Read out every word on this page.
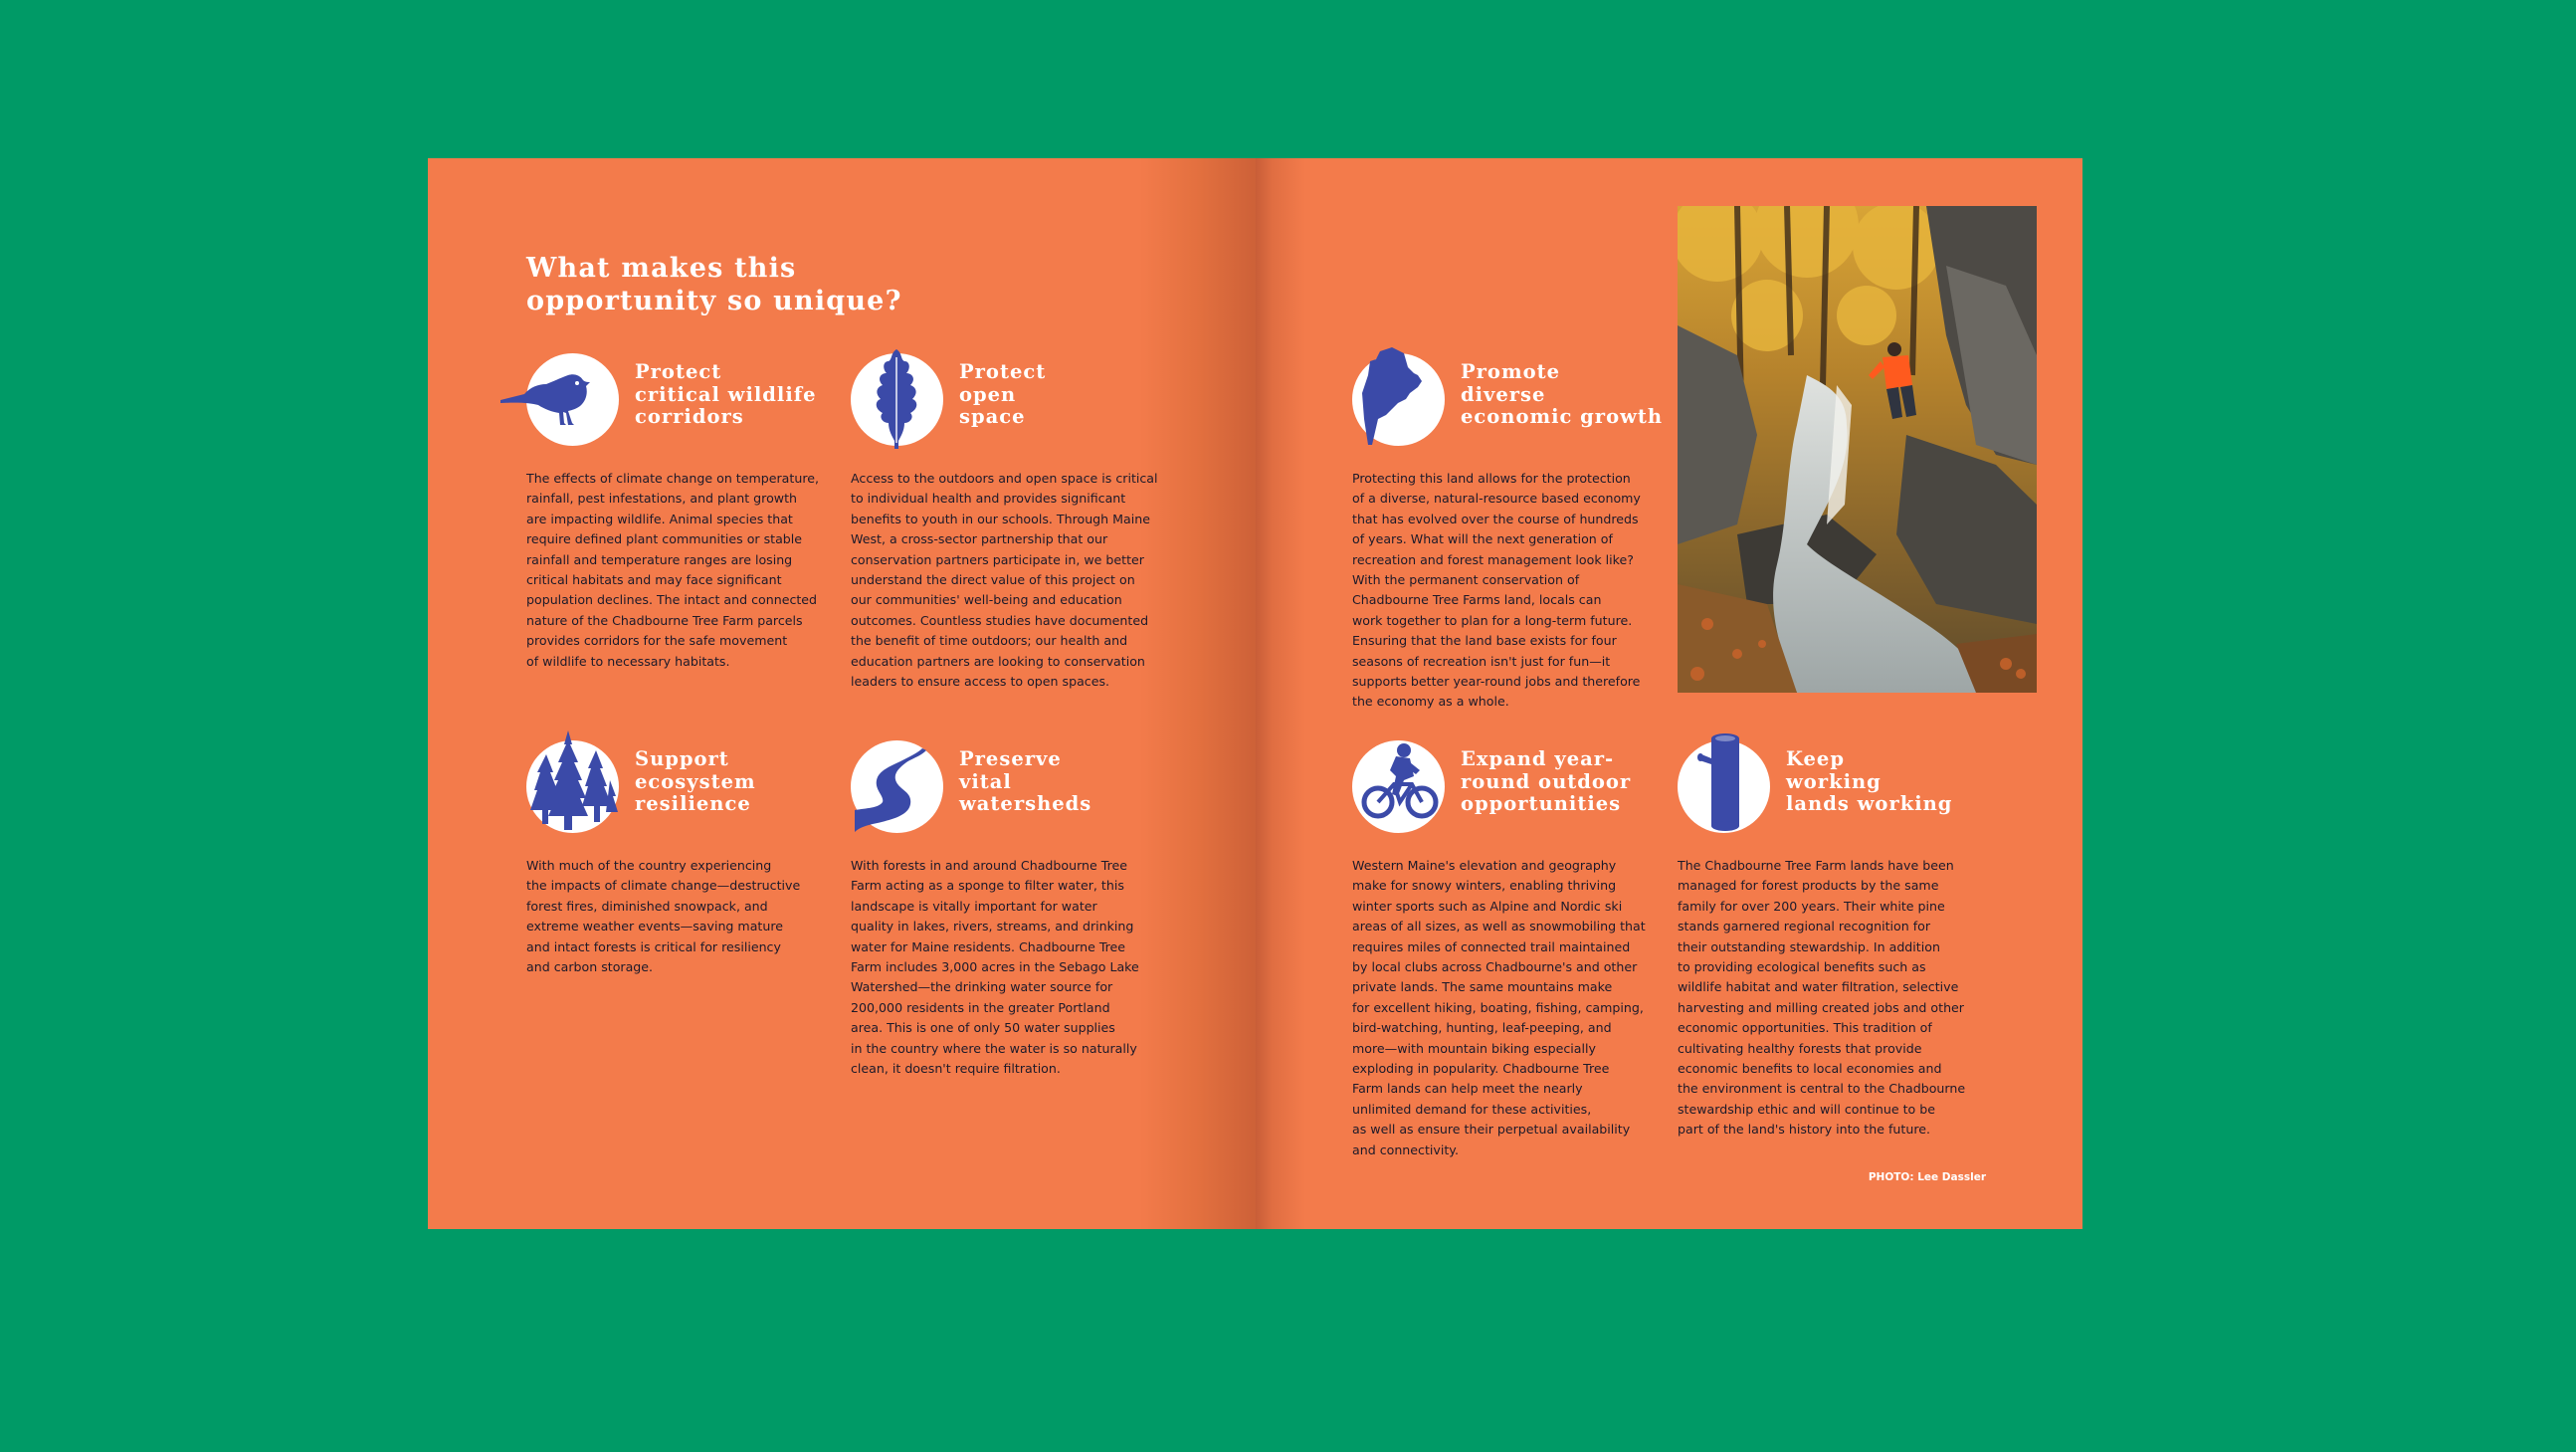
What makes this
opportunity so unique?
Protect
critical wildlife
corridors

The effects of climate change on temperature,
rainfall, pest infestations, and plant growth
are impacting wildlife. Animal species that
require defined plant communities or stable
rainfall and temperature ranges are losing
critical habitats and may face significant
population declines. The intact and connected
nature of the Chadbourne Tree Farm parcels
provides corridors for the safe movement
of wildlife to necessary habitats.

Protect
open
space

Access to the outdoors and open space is critical
to individual health and provides significant
benefits to youth in our schools. Through Maine
West, a cross-sector partnership that our
conservation partners participate in, we better
understand the direct value of this project on
our communities' well-being and education
outcomes. Countless studies have documented
the benefit of time outdoors; our health and
education partners are looking to conservation
leaders to ensure access to open spaces.

Support
ecosystem
resilience

With much of the country experiencing
the impacts of climate change—destructive
forest fires, diminished snowpack, and
extreme weather events—saving mature
and intact forests is critical for resiliency
and carbon storage.

Preserve
vital
watersheds

With forests in and around Chadbourne Tree
Farm acting as a sponge to filter water, this
landscape is vitally important for water
quality in lakes, rivers, streams, and drinking
water for Maine residents. Chadbourne Tree
Farm includes 3,000 acres in the Sebago Lake
Watershed—the drinking water source for
200,000 residents in the greater Portland
area. This is one of only 50 water supplies
in the country where the water is so naturally
clean, it doesn't require filtration.

Promote
diverse
economic growth

Protecting this land allows for the protection
of a diverse, natural-resource based economy
that has evolved over the course of hundreds
of years. What will the next generation of
recreation and forest management look like?
With the permanent conservation of
Chadbourne Tree Farms land, locals can
work together to plan for a long-term future.
Ensuring that the land base exists for four
seasons of recreation isn't just for fun—it
supports better year-round jobs and therefore
the economy as a whole.

Expand year-
round outdoor
opportunities

Western Maine's elevation and geography
make for snowy winters, enabling thriving
winter sports such as Alpine and Nordic ski
areas of all sizes, as well as snowmobiling that
requires miles of connected trail maintained
by local clubs across Chadbourne's and other
private lands. The same mountains make
for excellent hiking, boating, fishing, camping,
bird-watching, hunting, leaf-peeping, and
more—with mountain biking especially
exploding in popularity. Chadbourne Tree
Farm lands can help meet the nearly
unlimited demand for these activities,
as well as ensure their perpetual availability
and connectivity.

Keep
working
lands working

The Chadbourne Tree Farm lands have been
managed for forest products by the same
family for over 200 years. Their white pine
stands garnered regional recognition for
their outstanding stewardship. In addition
to providing ecological benefits such as
wildlife habitat and water filtration, selective
harvesting and milling created jobs and other
economic opportunities. This tradition of
cultivating healthy forests that provide
economic benefits to local economies and
the environment is central to the Chadbourne
stewardship ethic and will continue to be
part of the land's history into the future.

PHOTO: Lee Dassler
